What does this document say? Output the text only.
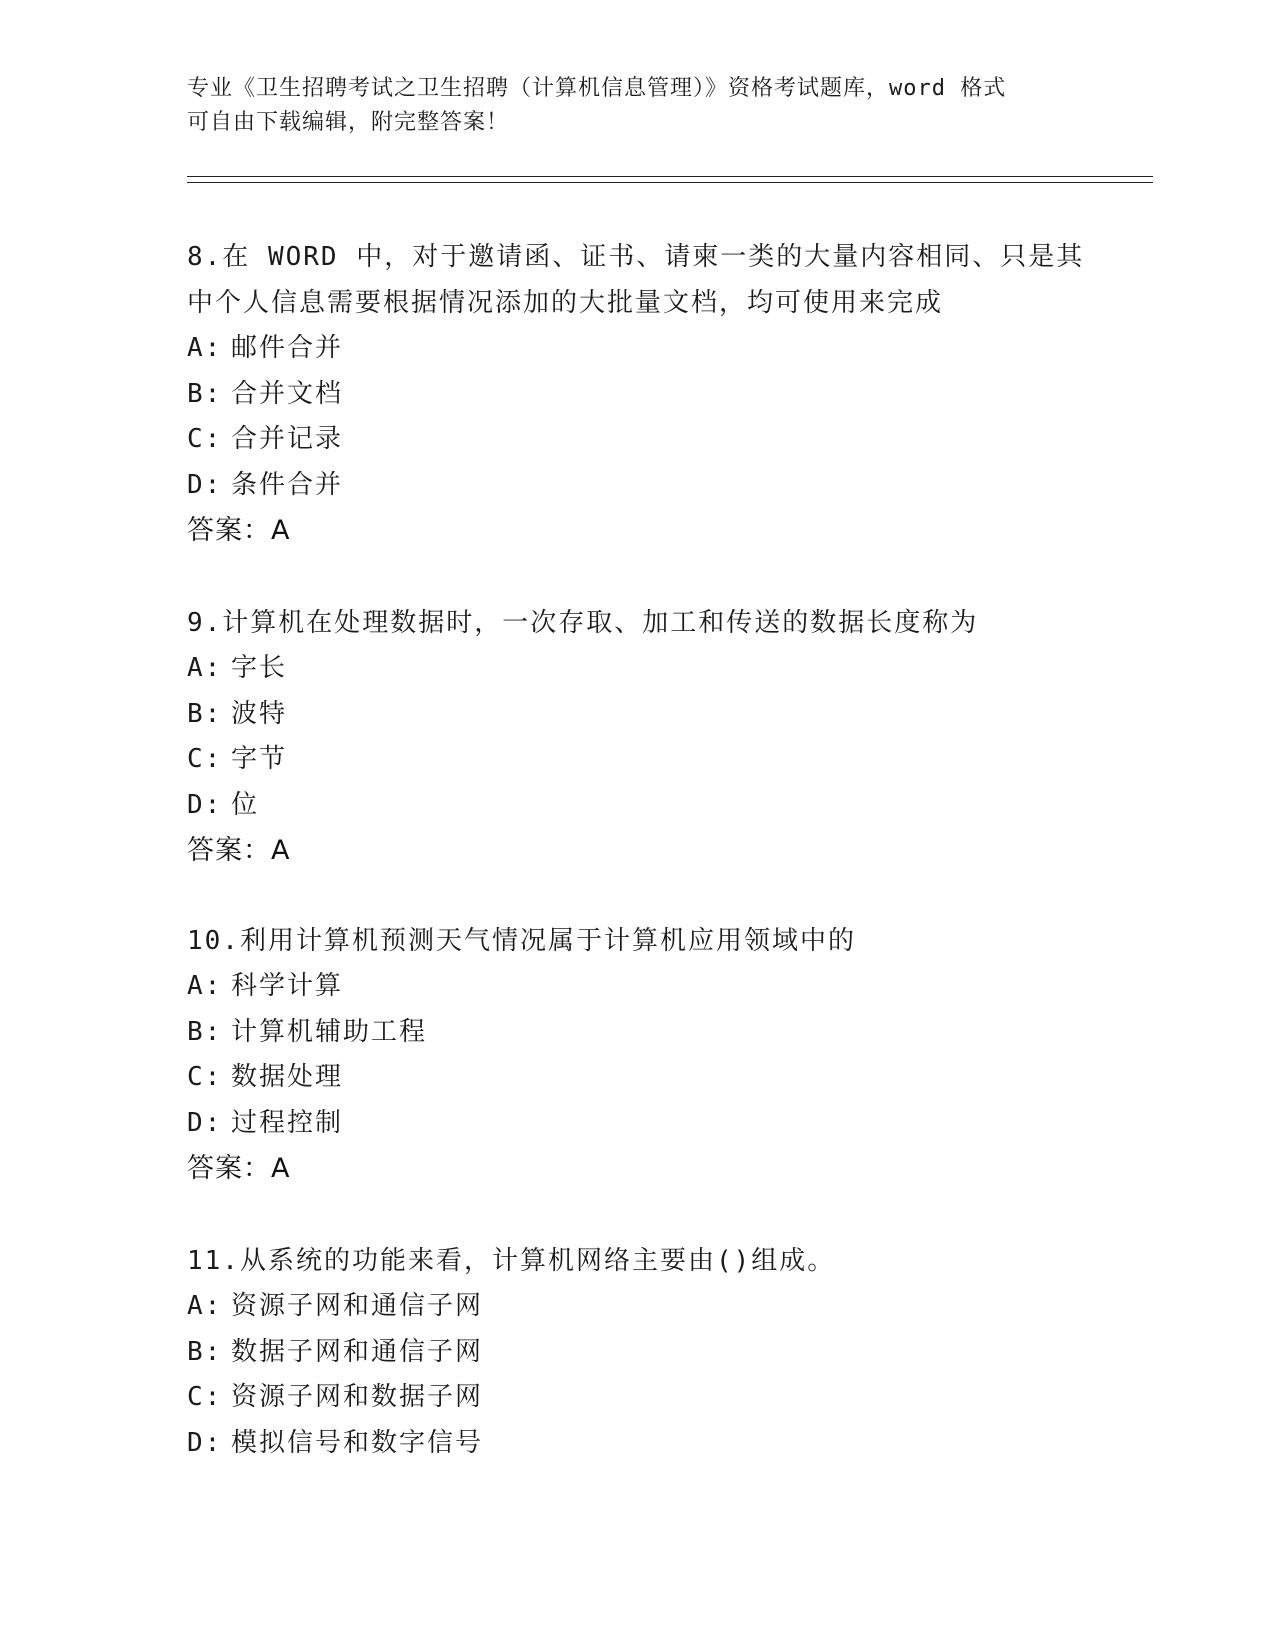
专业《卫生招聘考试之卫生招聘（计算机信息管理）》资格考试题库，word 格式
可自由下载编辑，附完整答案！

8.在 WORD 中，对于邀请函、证书、请柬一类的大量内容相同、只是其

中个人信息需要根据情况添加的大批量文档，均可使用来完成

A: 邮件合并

B: 合并文档

C: 合并记录

D: 条件合并

答案：A

9.计算机在处理数据时，一次存取、加工和传送的数据长度称为

A: 字长

B: 波特

C: 字节

D: 位

答案：A

10.利用计算机预测天气情况属于计算机应用领域中的

A: 科学计算

B: 计算机辅助工程

C: 数据处理

D: 过程控制

答案：A

11.从系统的功能来看，计算机网络主要由()组成。

A: 资源子网和通信子网

B: 数据子网和通信子网

C: 资源子网和数据子网

D: 模拟信号和数字信号
